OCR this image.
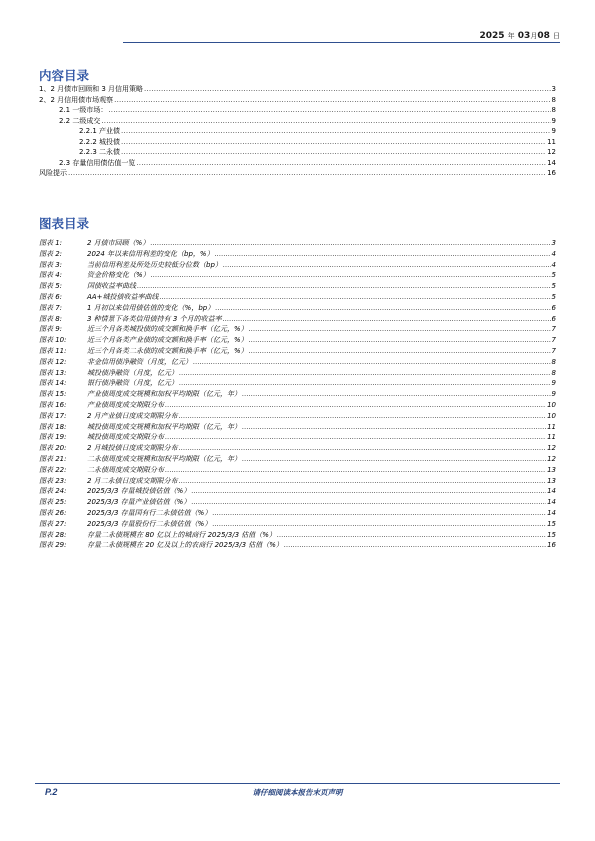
2025 年 03月08 日
内容目录
1、2 月债市回顾和 3 月信用策略 .....	3
2、2 月信用债市场观察 .....	8
2.1 一级市场： .....	8
2.2 二级成交 .....	9
2.2.1 产业债 .....	9
2.2.2 城投债 .....	11
2.2.3 二永债 .....	12
2.3 存量信用债估值一览 .....	14
风险提示 .....	16
图表目录
图表 1:	2 月债市回顾（%） .....	3
图表 2:	2024 年以来信用利差的变化（bp，%） .....	4
图表 3:	当前信用利差及所处历史较低分位数（bp） .....	4
图表 4:	资金价格变化（%） .....	5
图表 5:	国债收益率曲线 .....	5
图表 6:	AA+城投债收益率曲线 .....	5
图表 7:	1 月初以来信用债估值的变化（%，bp） .....	6
图表 8:	3 种情景下各类信用债持有 3 个月的收益率 .....	6
图表 9:	近三个月各类城投债的成交额和换手率（亿元，%） .....	7
图表 10:	近三个月各类产业债的成交额和换手率（亿元，%） .....	7
图表 11:	近三个月各类二永债的成交额和换手率（亿元，%） .....	7
图表 12:	非金信用债净融资（月度，亿元） .....	8
图表 13:	城投债净融资（月度，亿元） .....	8
图表 14:	银行债净融资（月度，亿元） .....	9
图表 15:	产业债周度成交规模和加权平均期限（亿元，年） .....	9
图表 16:	产业债周度成交期限分布 .....	10
图表 17:	2 月产业债日度成交期限分布 .....	10
图表 18:	城投债周度成交规模和加权平均期限（亿元，年） .....	11
图表 19:	城投债周度成交期限分布 .....	11
图表 20:	2 月城投债日度成交期限分布 .....	12
图表 21:	二永债周度成交规模和加权平均期限（亿元，年） .....	12
图表 22:	二永债周度成交期限分布 .....	13
图表 23:	2 月二永债日度成交期限分布 .....	13
图表 24:	2025/3/3 存量城投债估值（%） .....	14
图表 25:	2025/3/3 存量产业债估值（%） .....	14
图表 26:	2025/3/3 存量国有行二永债估值（%） .....	14
图表 27:	2025/3/3 存量股份行二永债估值（%） .....	15
图表 28:	存量二永债规模在 80 亿以上的城商行 2025/3/3 估值（%） .....	15
图表 29:	存量二永债规模在 20 亿及以上的农商行 2025/3/3 估值（%） .....	16
P.2	请仔细阅读本报告末页声明
